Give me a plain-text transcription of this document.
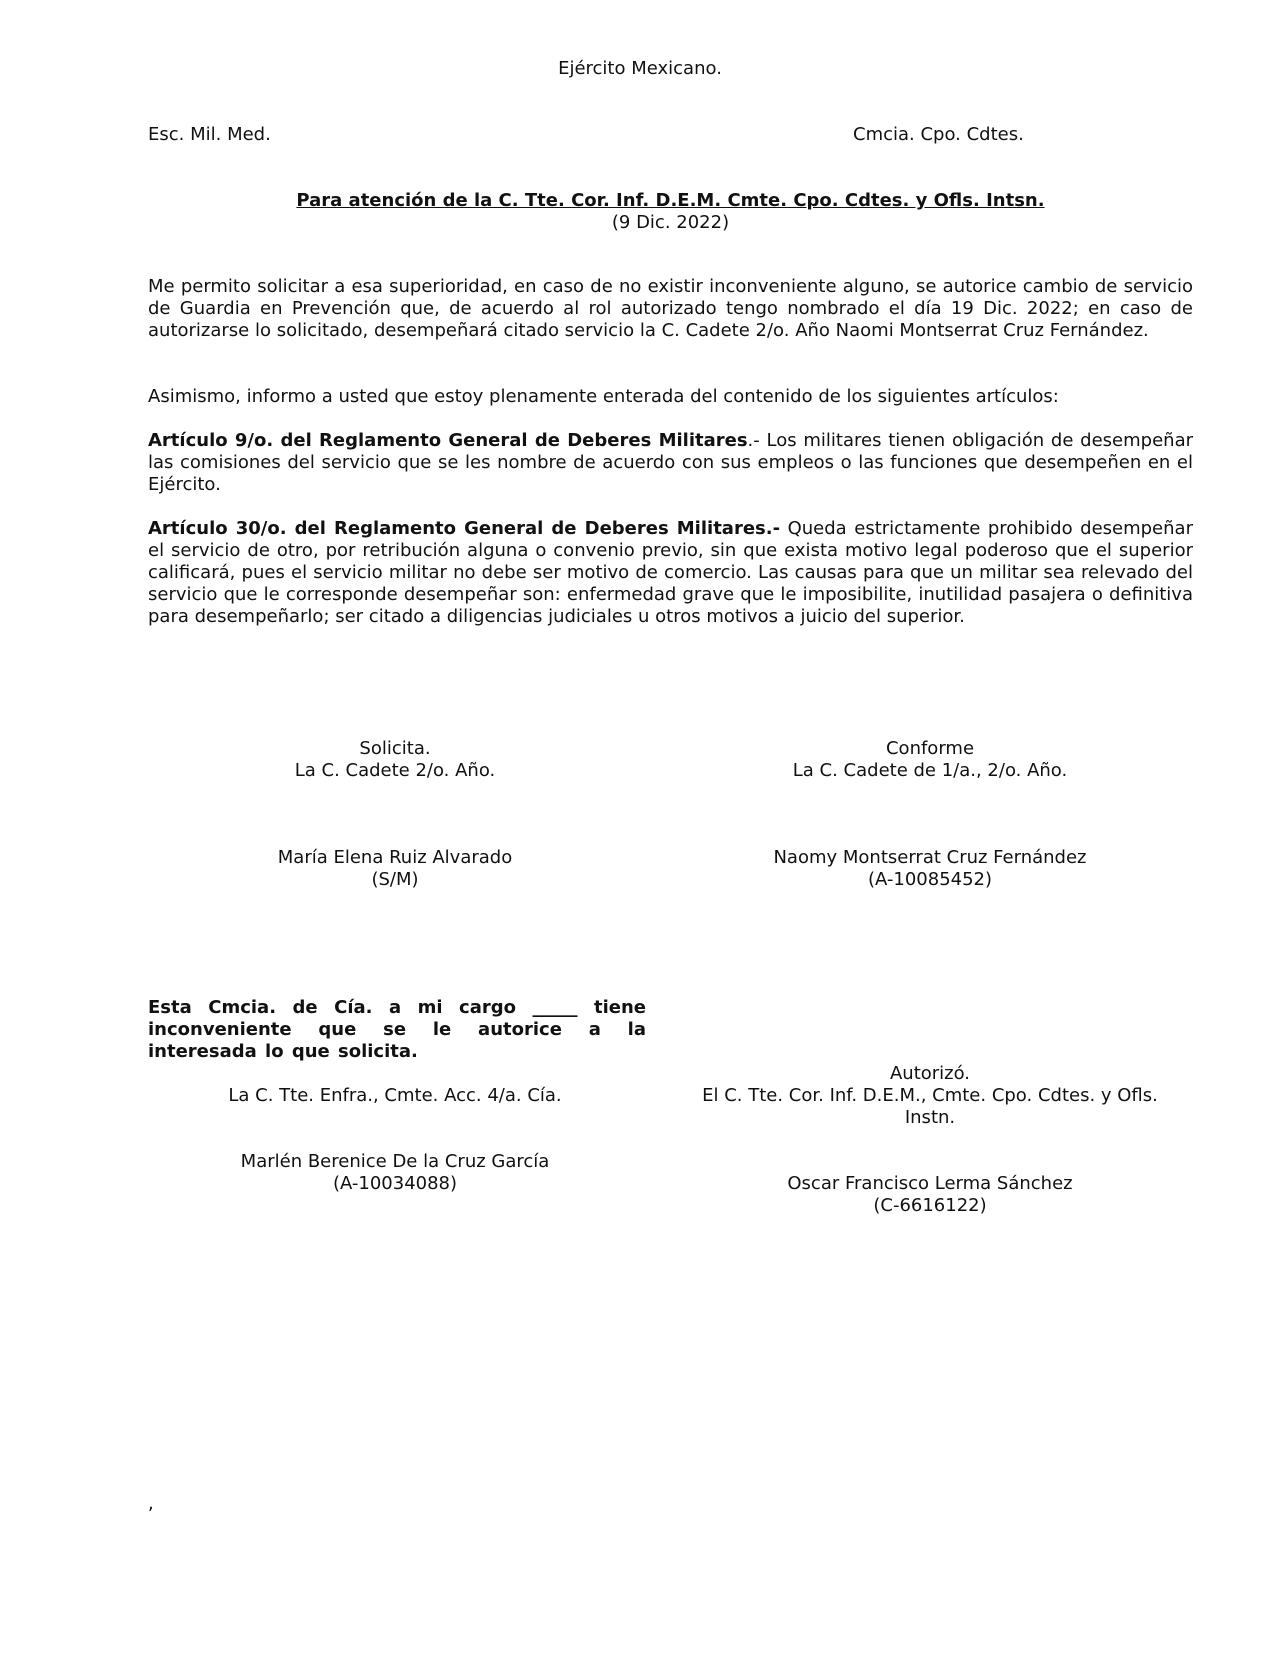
Ejército Mexicano.
Esc. Mil. Med.	Cmcia. Cpo. Cdtes.
Para atención de la C. Tte. Cor. Inf. D.E.M. Cmte. Cpo. Cdtes. y Ofls. Intsn.
(9 Dic. 2022)
Me permito solicitar a esa superioridad, en caso de no existir inconveniente alguno, se autorice cambio de servicio de Guardia en Prevención que, de acuerdo al rol autorizado tengo nombrado el día 19 Dic. 2022; en caso de autorizarse lo solicitado, desempeñará citado servicio la C. Cadete 2/o. Año Naomi Montserrat Cruz Fernández.
Asimismo, informo a usted que estoy plenamente enterada del contenido de los siguientes artículos:
Artículo 9/o. del Reglamento General de Deberes Militares.- Los militares tienen obligación de desempeñar las comisiones del servicio que se les nombre de acuerdo con sus empleos o las funciones que desempeñen en el Ejército.
Artículo 30/o. del Reglamento General de Deberes Militares.- Queda estrictamente prohibido desempeñar el servicio de otro, por retribución alguna o convenio previo, sin que exista motivo legal poderoso que el superior calificará, pues el servicio militar no debe ser motivo de comercio. Las causas para que un militar sea relevado del servicio que le corresponde desempeñar son: enfermedad grave que le imposibilite, inutilidad pasajera o definitiva para desempeñarlo; ser citado a diligencias judiciales u otros motivos a juicio del superior.
Solicita.
La C. Cadete 2/o. Año.
María Elena Ruiz Alvarado
(S/M)
Conforme
La C. Cadete de 1/a., 2/o. Año.
Naomy Montserrat Cruz Fernández
(A-10085452)
Esta Cmcia. de Cía. a mi cargo _____ tiene inconveniente que se le autorice a la interesada lo que solicita.
La C. Tte. Enfra., Cmte. Acc. 4/a. Cía.
Marlén Berenice De la Cruz García
(A-10034088)
Autorizó.
El C. Tte. Cor. Inf. D.E.M., Cmte. Cpo. Cdtes. y Ofls. Instn.
Oscar Francisco Lerma Sánchez
(C-6616122)
,
